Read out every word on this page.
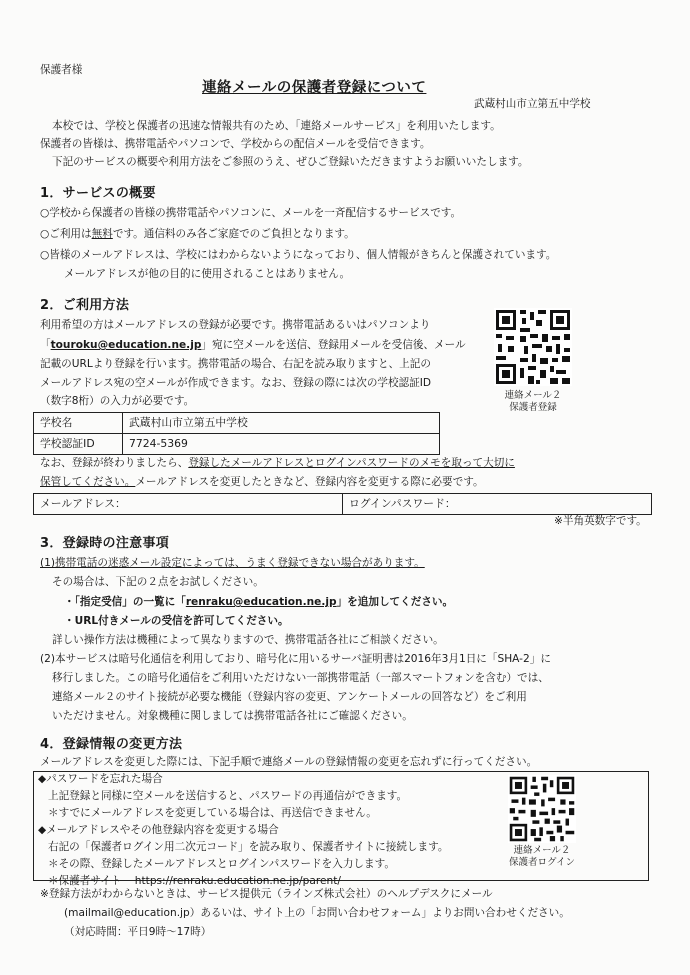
保護者様
連絡メールの保護者登録について
武蔵村山市立第五中学校
本校では、学校と保護者の迅速な情報共有のため、「連絡メールサービス」を利用いたします。
保護者の皆様は、携帯電話やパソコンで、学校からの配信メールを受信できます。
下記のサービスの概要や利用方法をご参照のうえ、ぜひご登録いただきますようお願いいたします。
1．サービスの概要
○学校から保護者の皆様の携帯電話やパソコンに、メールを一斉配信するサービスです。
○ご利用は無料です。通信料のみ各ご家庭でのご負担となります。
○皆様のメールアドレスは、学校にはわからないようになっており、個人情報がきちんと保護されています。
メールアドレスが他の目的に使用されることはありません。
2．ご利用方法
利用希望の方はメールアドレスの登録が必要です。携帯電話あるいはパソコンより
「touroku@education.ne.jp」宛に空メールを送信、登録用メールを受信後、メール
記載のURLより登録を行います。携帯電話の場合、右記を読み取りますと、上記の
メールアドレス宛の空メールが作成できます。なお、登録の際には次の学校認証ID
（数字8桁）の入力が必要です。	連絡メール２
保護者登録
学校名	武蔵村山市立第五中学校
学校認証ID	7724-5369
なお、登録が終わりましたら、登録したメールアドレスとログインパスワードのメモを取って大切に
保管してください。メールアドレスを変更したときなど、登録内容を変更する際に必要です。
メールアドレス：	ログインパスワード：
※半角英数字です。
3．登録時の注意事項
(1)携帯電話の迷惑メール設定によっては、うまく登録できない場合があります。
その場合は、下記の２点をお試しください。
・「指定受信」の一覧に「renraku@education.ne.jp」を追加してください。
・URL付きメールの受信を許可してください。
詳しい操作方法は機種によって異なりますので、携帯電話各社にご相談ください。
(2)本サービスは暗号化通信を利用しており、暗号化に用いるサーバ証明書は2016年3月1日に「SHA-2」に
移行しました。この暗号化通信をご利用いただけない一部携帯電話（一部スマートフォンを含む）では、
連絡メール２のサイト接続が必要な機能（登録内容の変更、アンケートメールの回答など）をご利用
いただけません。対象機種に関しましては携帯電話各社にご確認ください。
4．登録情報の変更方法
メールアドレスを変更した際には、下記手順で連絡メールの登録情報の変更を忘れずに行ってください。
◆パスワードを忘れた場合
上記登録と同様に空メールを送信すると、パスワードの再通信ができます。
＊すでにメールアドレスを変更している場合は、再送信できません。
◆メールアドレスやその他登録内容を変更する場合
右記の「保護者ログイン用二次元コード」を読み取り、保護者サイトに接続します。
＊その際、登録したメールアドレスとログインパスワードを入力します。
＊保護者サイト https://renraku.education.ne.jp/parent/
連絡メール２
保護者ログイン
※登録方法がわからないときは、サービス提供元（ラインズ株式会社）のヘルプデスクにメール
(mailmail@education.jp）あるいは、サイト上の「お問い合わせフォーム」よりお問い合わせください。
（対応時間：平日9時～17時）
